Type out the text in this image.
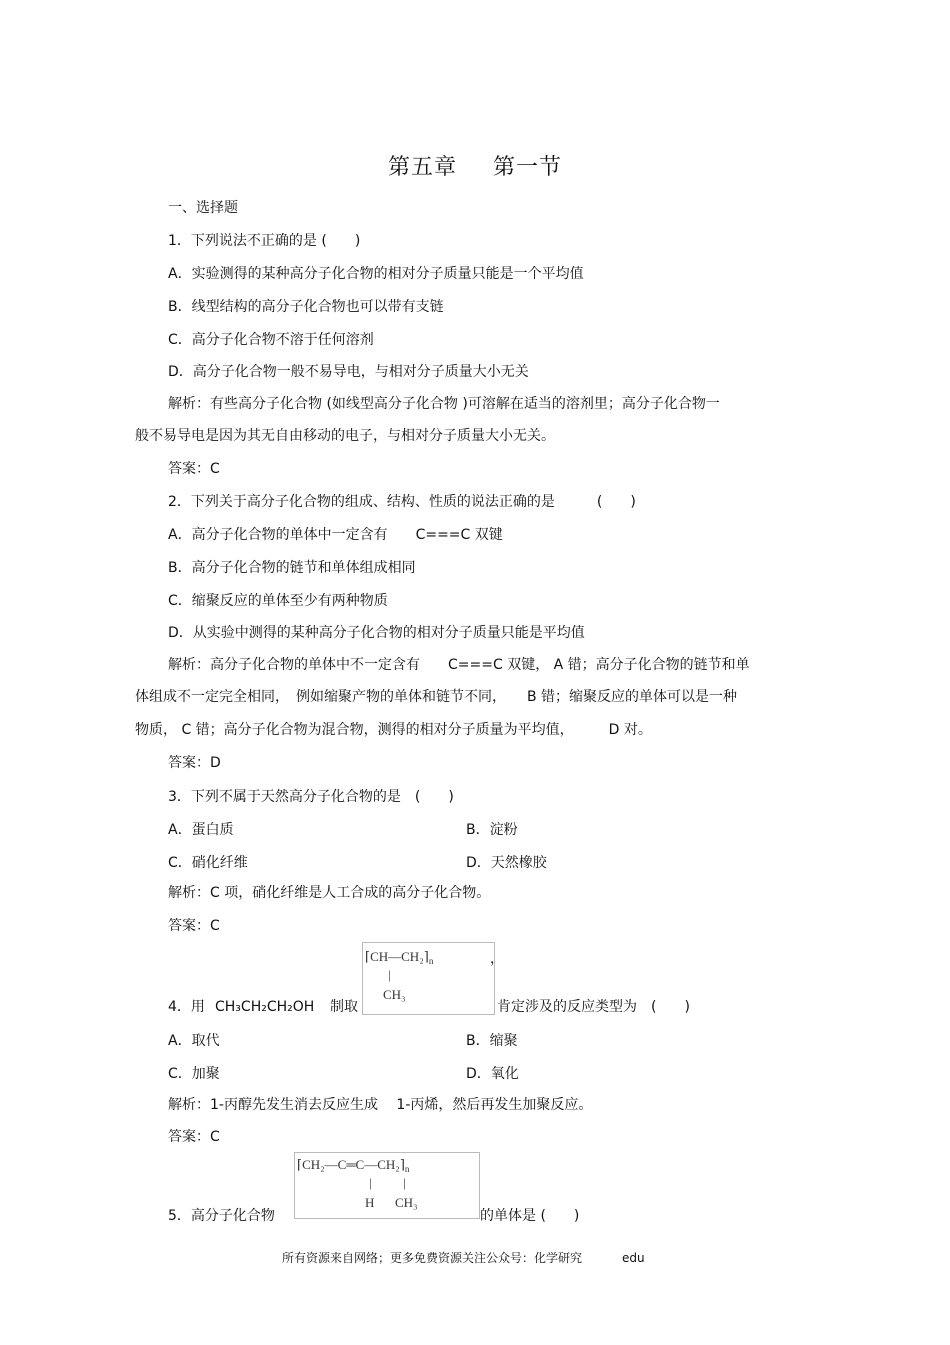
第五章 第一节
一、选择题
1．下列说法不正确的是 (　　)
A．实验测得的某种高分子化合物的相对分子质量只能是一个平均值
B．线型结构的高分子化合物也可以带有支链
C．高分子化合物不溶于任何溶剂
D．高分子化合物一般不易导电，与相对分子质量大小无关
解析：有些高分子化合物 (如线型高分子化合物 )可溶解在适当的溶剂里；高分子化合物一
般不易导电是因为其无自由移动的电子，与相对分子质量大小无关。
答案：C
2．下列关于高分子化合物的组成、结构、性质的说法正确的是　　　(　　)
A．高分子化合物的单体中一定含有　　C===C 双键
B．高分子化合物的链节和单体组成相同
C．缩聚反应的单体至少有两种物质
D．从实验中测得的某种高分子化合物的相对分子质量只能是平均值
解析：高分子化合物的单体中不一定含有　　C===C 双键， A 错；高分子化合物的链节和单
体组成不一定完全相同，　例如缩聚产物的单体和链节不同，　　B 错；缩聚反应的单体可以是一种
物质， C 错；高分子化合物为混合物，测得的相对分子质量为平均值，　　　D 对。
答案：D
3．下列不属于天然高分子化合物的是　(　　)
A．蛋白质	B．淀粉
C．硝化纤维	D．天然橡胶
解析：C 项，硝化纤维是人工合成的高分子化合物。
答案：C
$⌈CH—CH_2⌉_n$
|
CH₃
，
4．用 CH₃CH₂CH₂OH 制取	肯定涉及的反应类型为　(　　)
A．取代	B．缩聚
C．加聚	D．氧化
解析：1-丙醇先发生消去反应生成　 1-丙烯，然后再发生加聚反应。
答案：C
$⌈CH_2—C═C—CH_2⌉_n$
| |
H CH₃
5．高分子化合物	的单体是 (　　)
所有资源来自网络；更多免费资源关注公众号：化学研究	edu
